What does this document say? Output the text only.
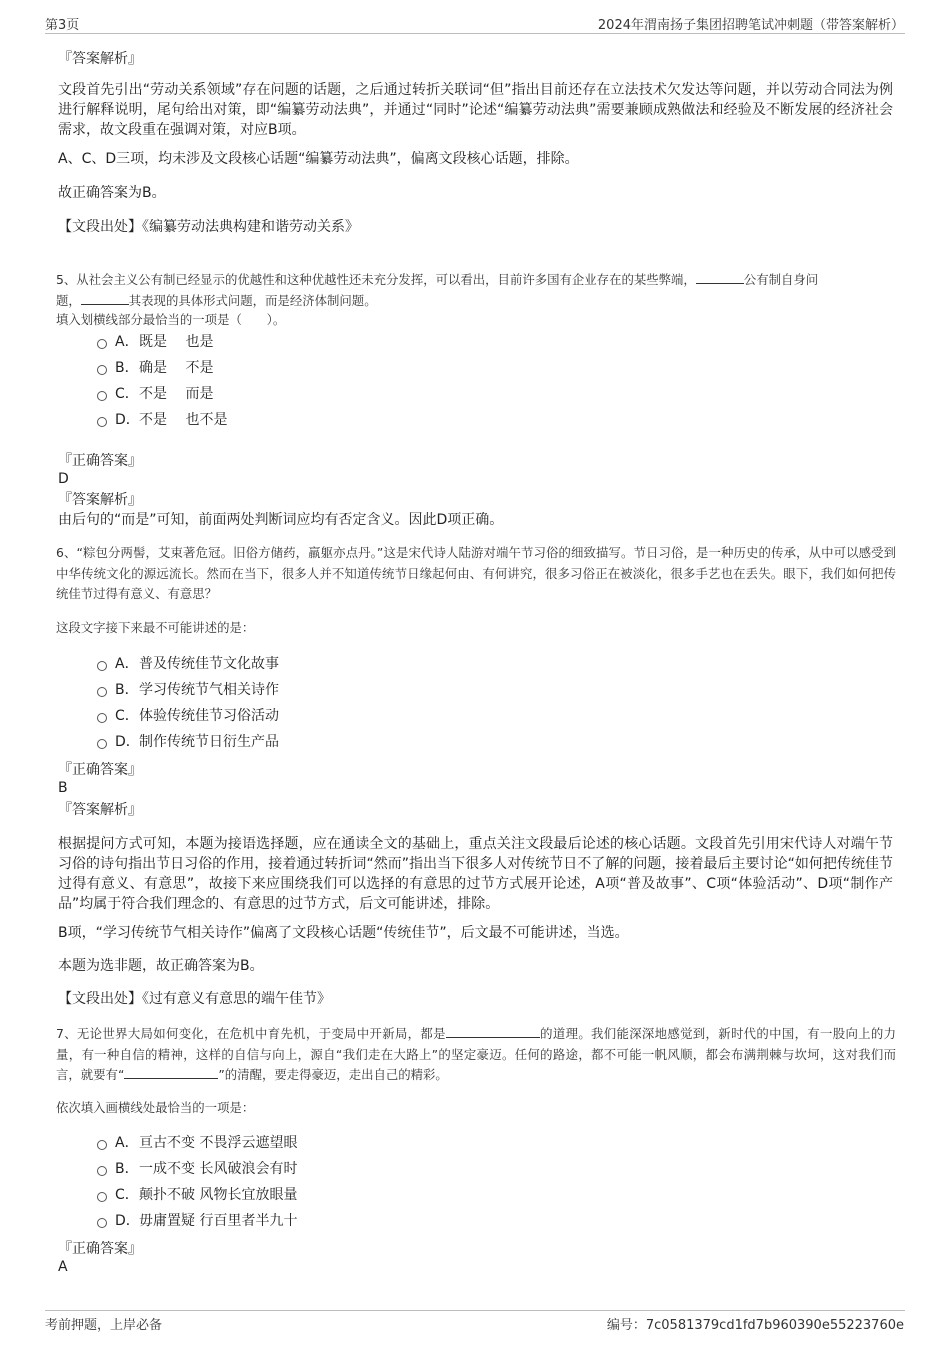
第3页	2024年渭南扬子集团招聘笔试冲刺题（带答案解析）
『答案解析』
文段首先引出“劳动关系领域”存在问题的话题，之后通过转折关联词“但”指出目前还存在立法技术欠发达等问题，并以劳动合同法为例进行解释说明，尾句给出对策，即“编纂劳动法典”，并通过“同时”论述“编纂劳动法典”需要兼顾成熟做法和经验及不断发展的经济社会需求，故文段重在强调对策，对应B项。
A、C、D三项，均未涉及文段核心话题“编纂劳动法典”，偏离文段核心话题，排除。
故正确答案为B。
【文段出处】《编纂劳动法典构建和谐劳动关系》
5、从社会主义公有制已经显示的优越性和这种优越性还未充分发挥，可以看出，目前许多国有企业存在的某些弊端，	公有制自身问
题，	其表现的具体形式问题，而是经济体制问题。
填入划横线部分最恰当的一项是（　　）。
A． 既是　 也是
B． 确是　 不是
C． 不是　 而是
D． 不是　 也不是
『正确答案』
D
『答案解析』
由后句的“而是”可知，前面两处判断词应均有否定含义。因此D项正确。
6、“粽包分两髻，艾束著危冠。旧俗方储药，羸躯亦点丹。”这是宋代诗人陆游对端午节习俗的细致描写。节日习俗，是一种历史的传承，从中可以感受到中华传统文化的源远流长。然而在当下，很多人并不知道传统节日缘起何由、有何讲究，很多习俗正在被淡化，很多手艺也在丢失。眼下，我们如何把传统佳节过得有意义、有意思？
这段文字接下来最不可能讲述的是：
A． 普及传统佳节文化故事
B． 学习传统节气相关诗作
C． 体验传统佳节习俗活动
D． 制作传统节日衍生产品
『正确答案』
B
『答案解析』
根据提问方式可知，本题为接语选择题，应在通读全文的基础上，重点关注文段最后论述的核心话题。文段首先引用宋代诗人对端午节习俗的诗句指出节日习俗的作用，接着通过转折词“然而”指出当下很多人对传统节日不了解的问题，接着最后主要讨论“如何把传统佳节过得有意义、有意思”，故接下来应围绕我们可以选择的有意思的过节方式展开论述，A项“普及故事”、C项“体验活动”、D项“制作产品”均属于符合我们理念的、有意思的过节方式，后文可能讲述，排除。
B项，“学习传统节气相关诗作”偏离了文段核心话题“传统佳节”，后文最不可能讲述，当选。
本题为选非题，故正确答案为B。
【文段出处】《过有意义有意思的端午佳节》
7、无论世界大局如何变化，在危机中育先机，于变局中开新局，都是	的道理。我们能深深地感觉到，新时代的中国，有一股向上的力量，有一种自信的精神，这样的自信与向上，源自“我们走在大路上”的坚定豪迈。任何的路途，都不可能一帆风顺，都会布满荆棘与坎坷，这对我们而言，就要有“	”的清醒，要走得豪迈，走出自己的精彩。
依次填入画横线处最恰当的一项是：
A． 亘古不变 不畏浮云遮望眼
B． 一成不变 长风破浪会有时
C． 颠扑不破 风物长宜放眼量
D． 毋庸置疑 行百里者半九十
『正确答案』
A
考前押题，上岸必备	编号：7c0581379cd1fd7b960390e55223760e
